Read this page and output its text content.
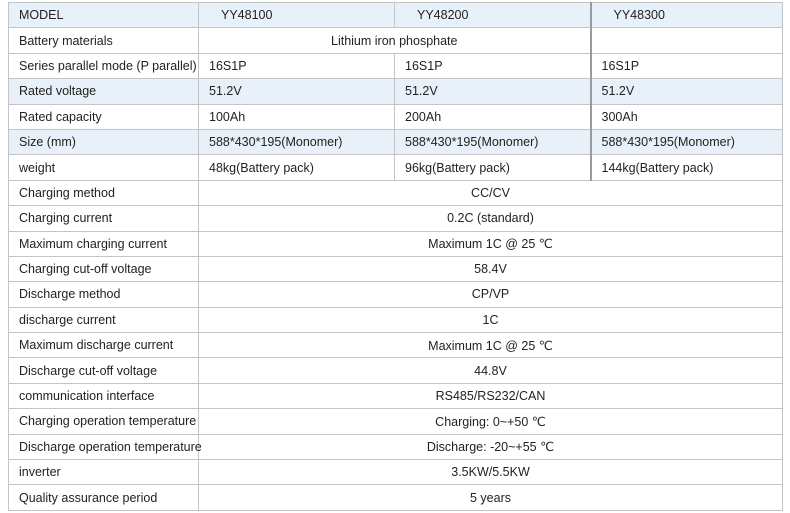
MODEL	YY48100	YY48200	YY48300
Battery materials	Lithium iron phosphate		
Series parallel mode (P parallel)	16S1P	16S1P	16S1P
Rated voltage	51.2V	51.2V	51.2V
Rated capacity	100Ah	200Ah	300Ah
Size (mm)	588*430*195(Monomer)	588*430*195(Monomer)	588*430*195(Monomer)
weight	48kg(Battery pack)	96kg(Battery pack)	144kg(Battery pack)
Charging method	CC/CV		
Charging current	0.2C (standard)		
Maximum charging current	Maximum 1C @ 25 ℃		
Charging cut-off voltage	58.4V		
Discharge method	CP/VP		
discharge current	1C		
Maximum discharge current	Maximum 1C @ 25 ℃		
Discharge cut-off voltage	44.8V		
communication interface	RS485/RS232/CAN		
Charging operation temperature	Charging: 0~+50 ℃		
Discharge operation temperature	Discharge: -20~+55 ℃		
inverter	3.5KW/5.5KW		
Quality assurance period	5 years		
